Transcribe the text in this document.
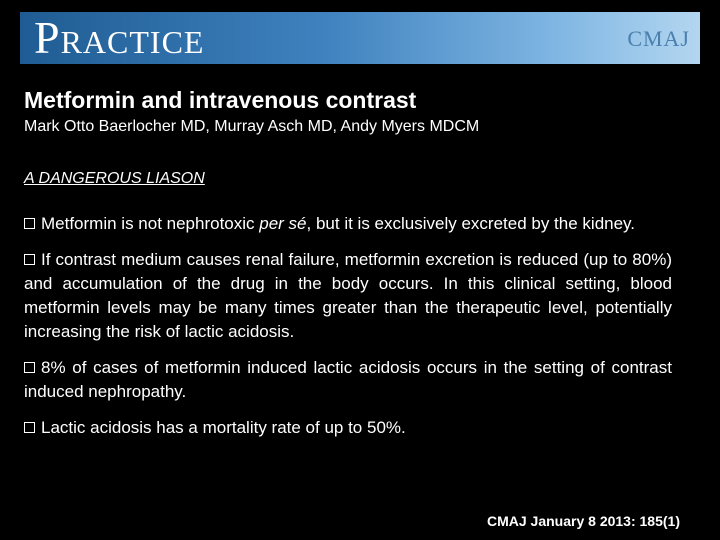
Practice	CMAJ
Metformin and intravenous contrast
Mark Otto Baerlocher MD, Murray Asch MD, Andy Myers MDCM
A DANGEROUS LIASON

Metformin is not nephrotoxic per sé, but it is exclusively excreted by the kidney.

If contrast medium causes renal failure, metformin excretion is reduced (up to 80%) and accumulation of the drug in the body occurs. In this clinical setting, blood metformin levels may be many times greater than the therapeutic level, potentially increasing the risk of lactic acidosis.

8% of cases of metformin induced lactic acidosis occurs in the setting of contrast induced nephropathy.

Lactic acidosis has a mortality rate of up to 50%.

CMAJ January 8 2013: 185(1)
